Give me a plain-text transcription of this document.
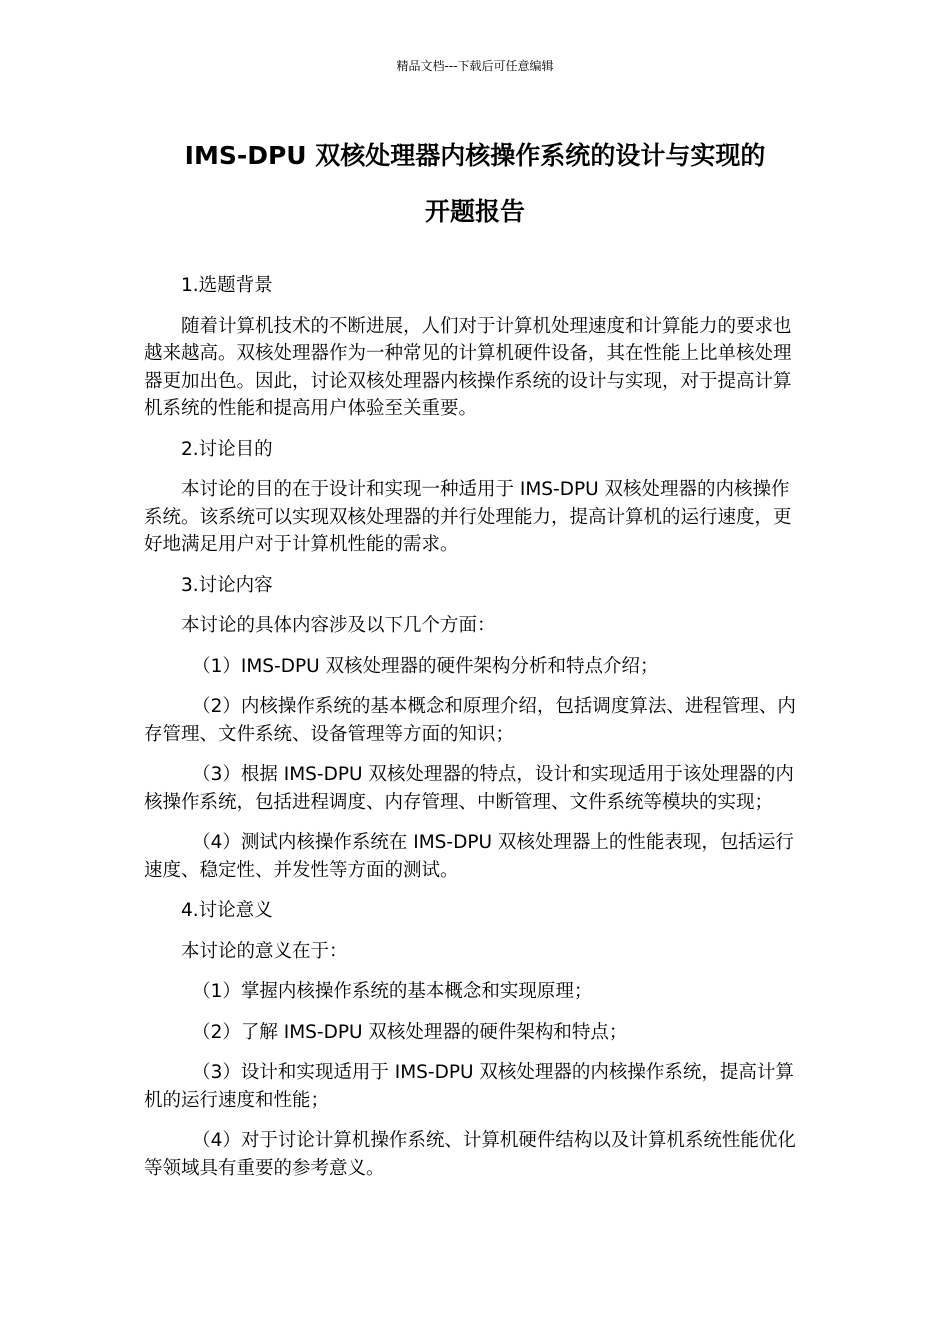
精品文档---下载后可任意编辑
IMS-DPU 双核处理器内核操作系统的设计与实现的
开题报告

1.选题背景

随着计算机技术的不断进展，人们对于计算机处理速度和计算能力的要求也越来越高。双核处理器作为一种常见的计算机硬件设备，其在性能上比单核处理器更加出色。因此，讨论双核处理器内核操作系统的设计与实现，对于提高计算机系统的性能和提高用户体验至关重要。

2.讨论目的

本讨论的目的在于设计和实现一种适用于 IMS-DPU 双核处理器的内核操作系统。该系统可以实现双核处理器的并行处理能力，提高计算机的运行速度，更好地满足用户对于计算机性能的需求。

3.讨论内容

本讨论的具体内容涉及以下几个方面：

（1）IMS-DPU 双核处理器的硬件架构分析和特点介绍；

（2）内核操作系统的基本概念和原理介绍，包括调度算法、进程管理、内存管理、文件系统、设备管理等方面的知识；

（3）根据 IMS-DPU 双核处理器的特点，设计和实现适用于该处理器的内核操作系统，包括进程调度、内存管理、中断管理、文件系统等模块的实现；

（4）测试内核操作系统在 IMS-DPU 双核处理器上的性能表现，包括运行速度、稳定性、并发性等方面的测试。

4.讨论意义

本讨论的意义在于：

（1）掌握内核操作系统的基本概念和实现原理；

（2）了解 IMS-DPU 双核处理器的硬件架构和特点；

（3）设计和实现适用于 IMS-DPU 双核处理器的内核操作系统，提高计算机的运行速度和性能；

（4）对于讨论计算机操作系统、计算机硬件结构以及计算机系统性能优化等领域具有重要的参考意义。
